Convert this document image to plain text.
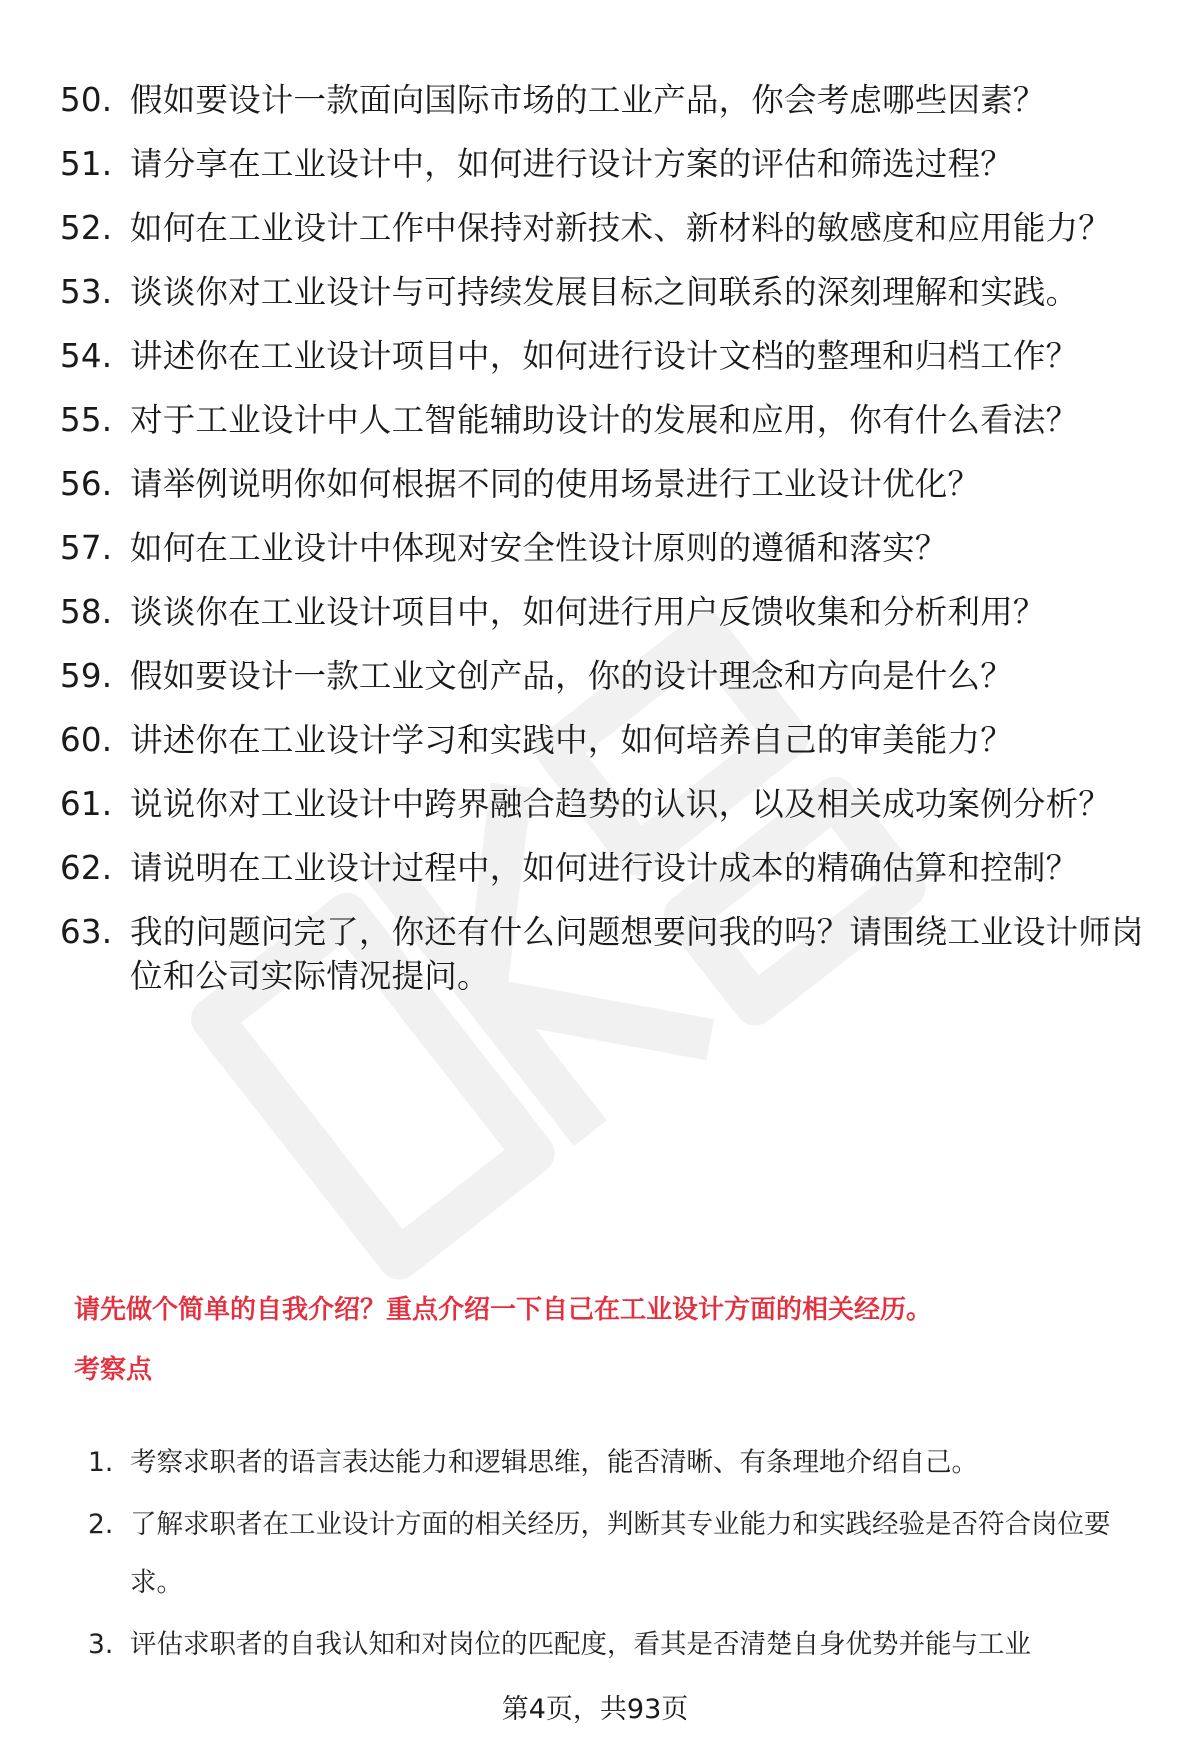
50. 假如要设计一款面向国际市场的工业产品，你会考虑哪些因素？
51. 请分享在工业设计中，如何进行设计方案的评估和筛选过程？
52. 如何在工业设计工作中保持对新技术、新材料的敏感度和应用能力？
53. 谈谈你对工业设计与可持续发展目标之间联系的深刻理解和实践。
54. 讲述你在工业设计项目中，如何进行设计文档的整理和归档工作？
55. 对于工业设计中人工智能辅助设计的发展和应用，你有什么看法？
56. 请举例说明你如何根据不同的使用场景进行工业设计优化？
57. 如何在工业设计中体现对安全性设计原则的遵循和落实？
58. 谈谈你在工业设计项目中，如何进行用户反馈收集和分析利用？
59. 假如要设计一款工业文创产品，你的设计理念和方向是什么？
60. 讲述你在工业设计学习和实践中，如何培养自己的审美能力？
61. 说说你对工业设计中跨界融合趋势的认识，以及相关成功案例分析？
62. 请说明在工业设计过程中，如何进行设计成本的精确估算和控制？
63. 我的问题问完了，你还有什么问题想要问我的吗？请围绕工业设计师岗位和公司实际情况提问。
请先做个简单的自我介绍？重点介绍一下自己在工业设计方面的相关经历。
考察点
1. 考察求职者的语言表达能力和逻辑思维，能否清晰、有条理地介绍自己。
2. 了解求职者在工业设计方面的相关经历，判断其专业能力和实践经验是否符合岗位要求。
3. 评估求职者的自我认知和对岗位的匹配度，看其是否清楚自身优势并能与工业
第4页，共93页
